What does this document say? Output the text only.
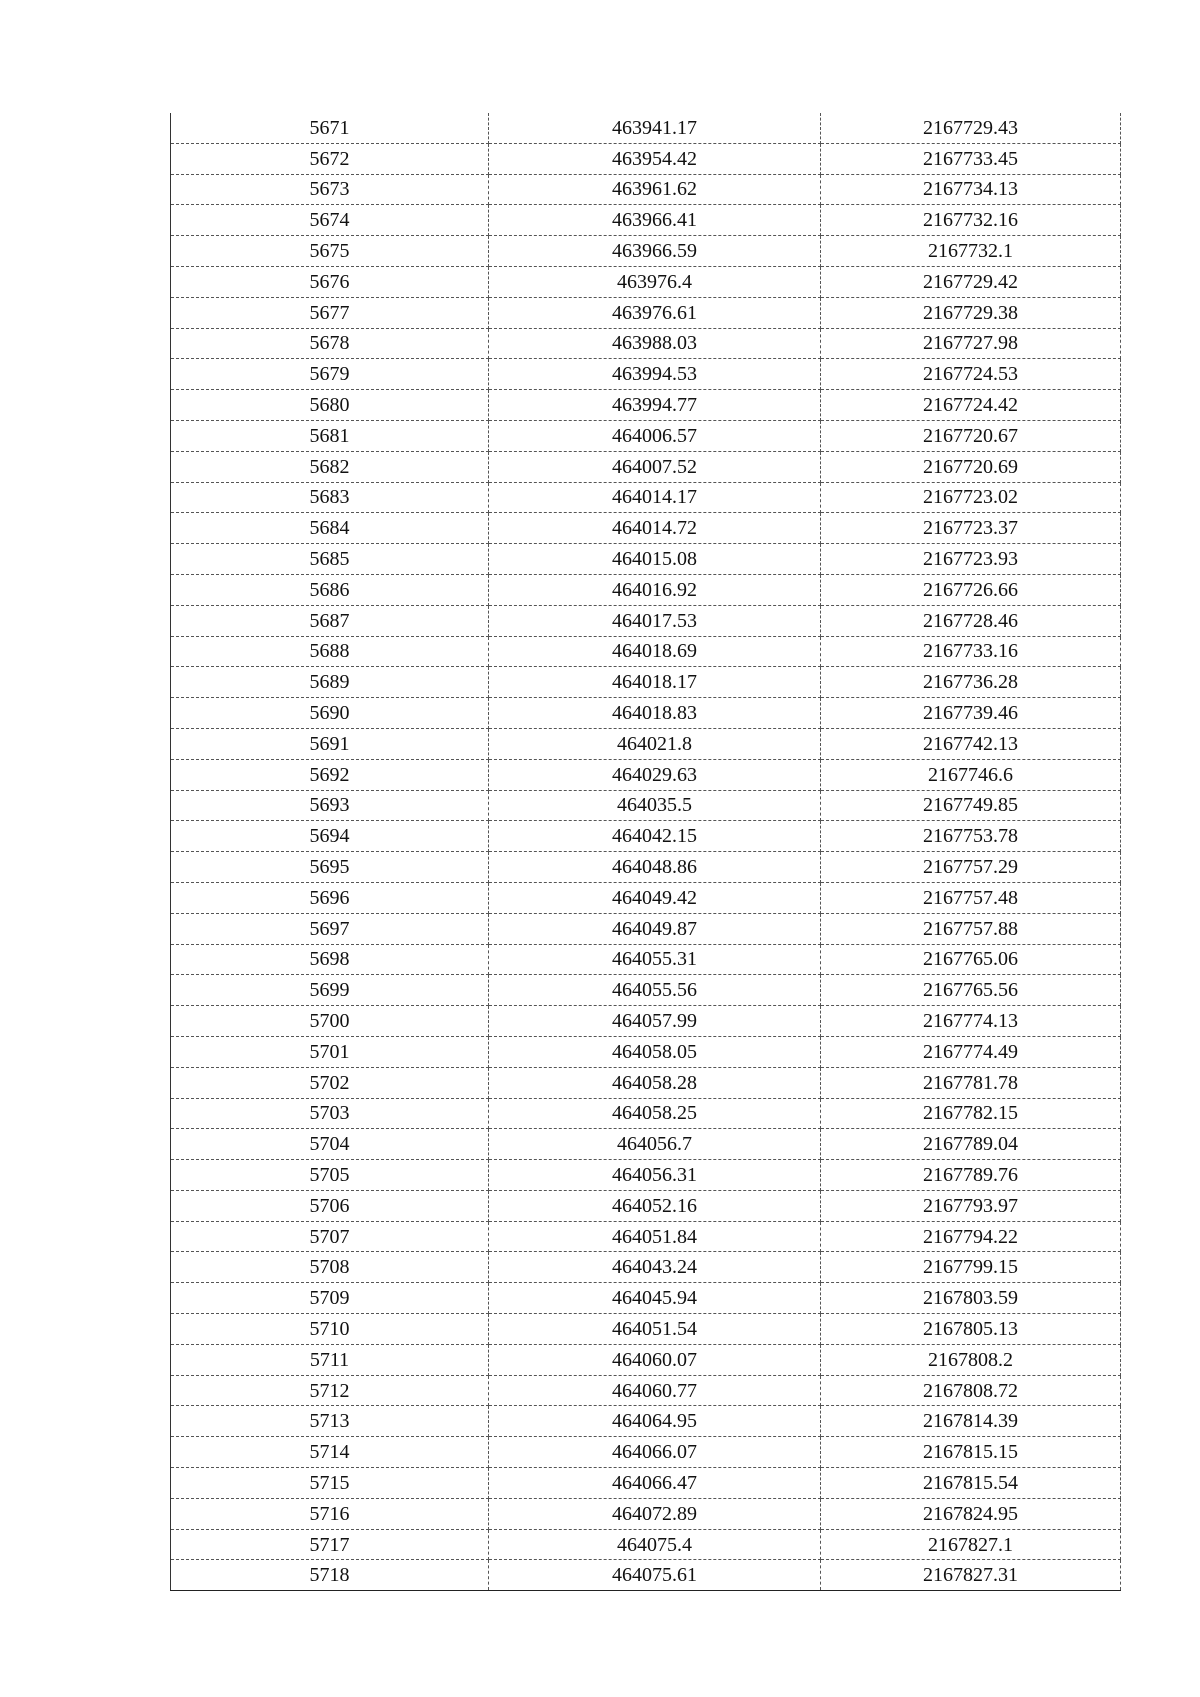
5671	463941.17	2167729.43
5672	463954.42	2167733.45
5673	463961.62	2167734.13
5674	463966.41	2167732.16
5675	463966.59	2167732.1
5676	463976.4	2167729.42
5677	463976.61	2167729.38
5678	463988.03	2167727.98
5679	463994.53	2167724.53
5680	463994.77	2167724.42
5681	464006.57	2167720.67
5682	464007.52	2167720.69
5683	464014.17	2167723.02
5684	464014.72	2167723.37
5685	464015.08	2167723.93
5686	464016.92	2167726.66
5687	464017.53	2167728.46
5688	464018.69	2167733.16
5689	464018.17	2167736.28
5690	464018.83	2167739.46
5691	464021.8	2167742.13
5692	464029.63	2167746.6
5693	464035.5	2167749.85
5694	464042.15	2167753.78
5695	464048.86	2167757.29
5696	464049.42	2167757.48
5697	464049.87	2167757.88
5698	464055.31	2167765.06
5699	464055.56	2167765.56
5700	464057.99	2167774.13
5701	464058.05	2167774.49
5702	464058.28	2167781.78
5703	464058.25	2167782.15
5704	464056.7	2167789.04
5705	464056.31	2167789.76
5706	464052.16	2167793.97
5707	464051.84	2167794.22
5708	464043.24	2167799.15
5709	464045.94	2167803.59
5710	464051.54	2167805.13
5711	464060.07	2167808.2
5712	464060.77	2167808.72
5713	464064.95	2167814.39
5714	464066.07	2167815.15
5715	464066.47	2167815.54
5716	464072.89	2167824.95
5717	464075.4	2167827.1
5718	464075.61	2167827.31
